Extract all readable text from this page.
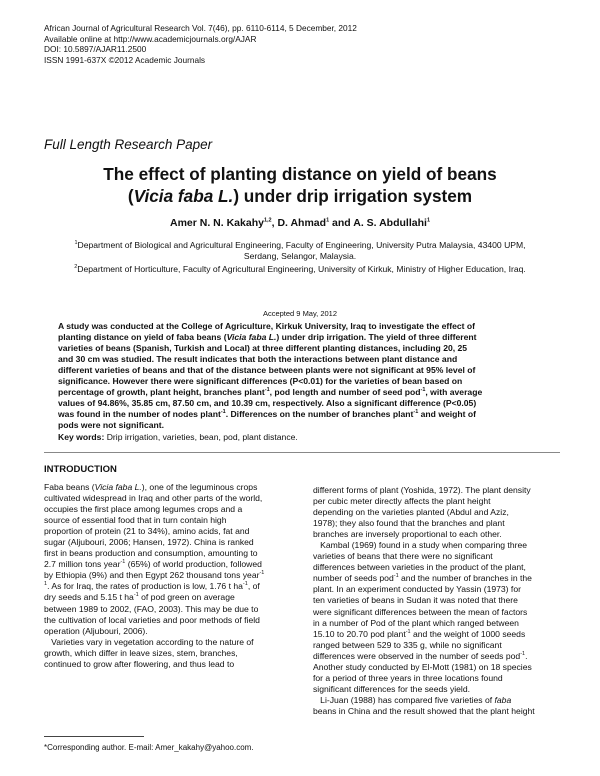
African Journal of Agricultural Research Vol. 7(46), pp. 6110-6114, 5 December, 2012
Available online at http://www.academicjournals.org/AJAR
DOI: 10.5897/AJAR11.2500
ISSN 1991-637X ©2012 Academic Journals
Full Length Research Paper
The effect of planting distance on yield of beans
(Vicia faba L.) under drip irrigation system
Amer N. N. Kakahy$^{1,2}$, D. Ahmad$^1$ and A. S. Abdullahi$^1$
$^1$Department of Biological and Agricultural Engineering, Faculty of Engineering, University Putra Malaysia, 43400 UPM,
Serdang, Selangor, Malaysia.
$^2$Department of Horticulture, Faculty of Agricultural Engineering, University of Kirkuk, Ministry of Higher Education, Iraq.
Accepted 9 May, 2012
A study was conducted at the College of Agriculture, Kirkuk University, Iraq to investigate the effect of
planting distance on yield of faba beans (Vicia faba L.) under drip irrigation. The yield of three different
varieties of beans (Spanish, Turkish and Local) at three different planting distances, including 20, 25
and 30 cm was studied. The result indicates that both the interactions between plant distance and
different varieties of beans and that of the distance between plants were not significant at 95% level of
significance. However there were significant differences (P<0.01) for the varieties of bean based on
percentage of growth, plant height, branches plant$^{-1}$, pod length and number of seed pod$^{-1}$, with average
values of 94.86%, 35.85 cm, 87.50 cm, and 10.39 cm, respectively. Also a significant difference (P<0.05)
was found in the number of nodes plant$^{-1}$. Differences on the number of branches plant$^{-1}$ and weight of
pods were not significant.
Key words: Drip irrigation, varieties, bean, pod, plant distance.
INTRODUCTION
Faba beans (Vicia faba L.), one of the leguminous crops
cultivated widespread in Iraq and other parts of the world,
occupies the first place among legumes crops and a
source of essential food that in turn contain high
proportion of protein (21 to 34%), amino acids, fat and
sugar (Aljubouri, 2006; Hansen, 1972). China is ranked
first in beans production and consumption, amounting to
2.7 million tons year$^{-1}$ (65%) of world production, followed
by Ethiopia (9%) and then Egypt 262 thousand tons year$^{-1}$
$^1$. As for Iraq, the rates of production is low, 1.76 t $ha^{-1}$, of
dry seeds and 5.15 t $ha^{-1}$ of pod green on average
between 1989 to 2002, (FAO, 2003). This may be due to
the cultivation of local varieties and poor methods of field
operation (Aljubouri, 2006).
Varieties vary in vegetation according to the nature of
growth, which differ in leave sizes, stem, branches,
continued to grow after flowering, and thus lead to
different forms of plant (Yoshida, 1972). The plant density
per cubic meter directly affects the plant height
depending on the varieties planted (Abdul and Aziz,
1978); they also found that the branches and plant
branches are inversely proportional to each other.
Kambal (1969) found in a study when comparing three
varieties of beans that there were no significant
differences between varieties in the product of the plant,
number of seeds pod$^{-1}$ and the number of branches in the
plant. In an experiment conducted by Yassin (1973) for
ten varieties of beans in Sudan it was noted that there
were significant differences between the mean of factors
in a number of Pod of the plant which ranged between
15.10 to 20.70 pod plant$^{-1}$ and the weight of 1000 seeds
ranged between 529 to 335 g, while no significant
differences were observed in the number of seeds pod$^{-1}$.
Another study conducted by El-Mott (1981) on 18 species
for a period of three years in three locations found
significant differences for the seeds yield.
Li-Juan (1988) has compared five varieties of faba
beans in China and the result showed that the plant height
*Corresponding author. E-mail: Amer_kakahy@yahoo.com.
